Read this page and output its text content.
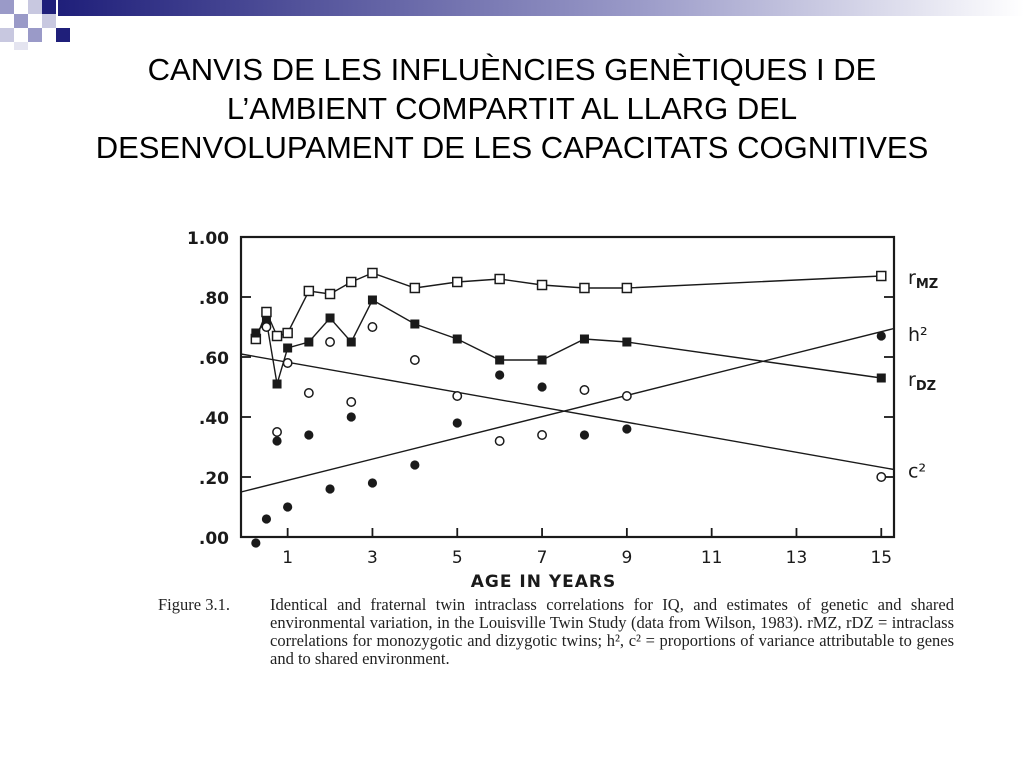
CANVIS DE LES INFLUÈNCIES GENÈTIQUES I DE L’AMBIENT COMPARTIT AL LLARG DEL DESENVOLUPAMENT DE LES CAPACITATS COGNITIVES
.00
.20
.40
.60
.80
1.00
1	3	5	7	9	11	13	15
AGE IN YEARS
$r_{MZ}$
$r_{DZ}$
h²
c²
Figure 3.1. Identical and fraternal twin intraclass correlations for IQ, and estimates of genetic and shared environmental variation, in the Louisville Twin Study (data from Wilson, 1983). rMZ, rDZ = intraclass correlations for monozygotic and dizygotic twins; h², c² = proportions of variance attributable to genes and to shared environment.
